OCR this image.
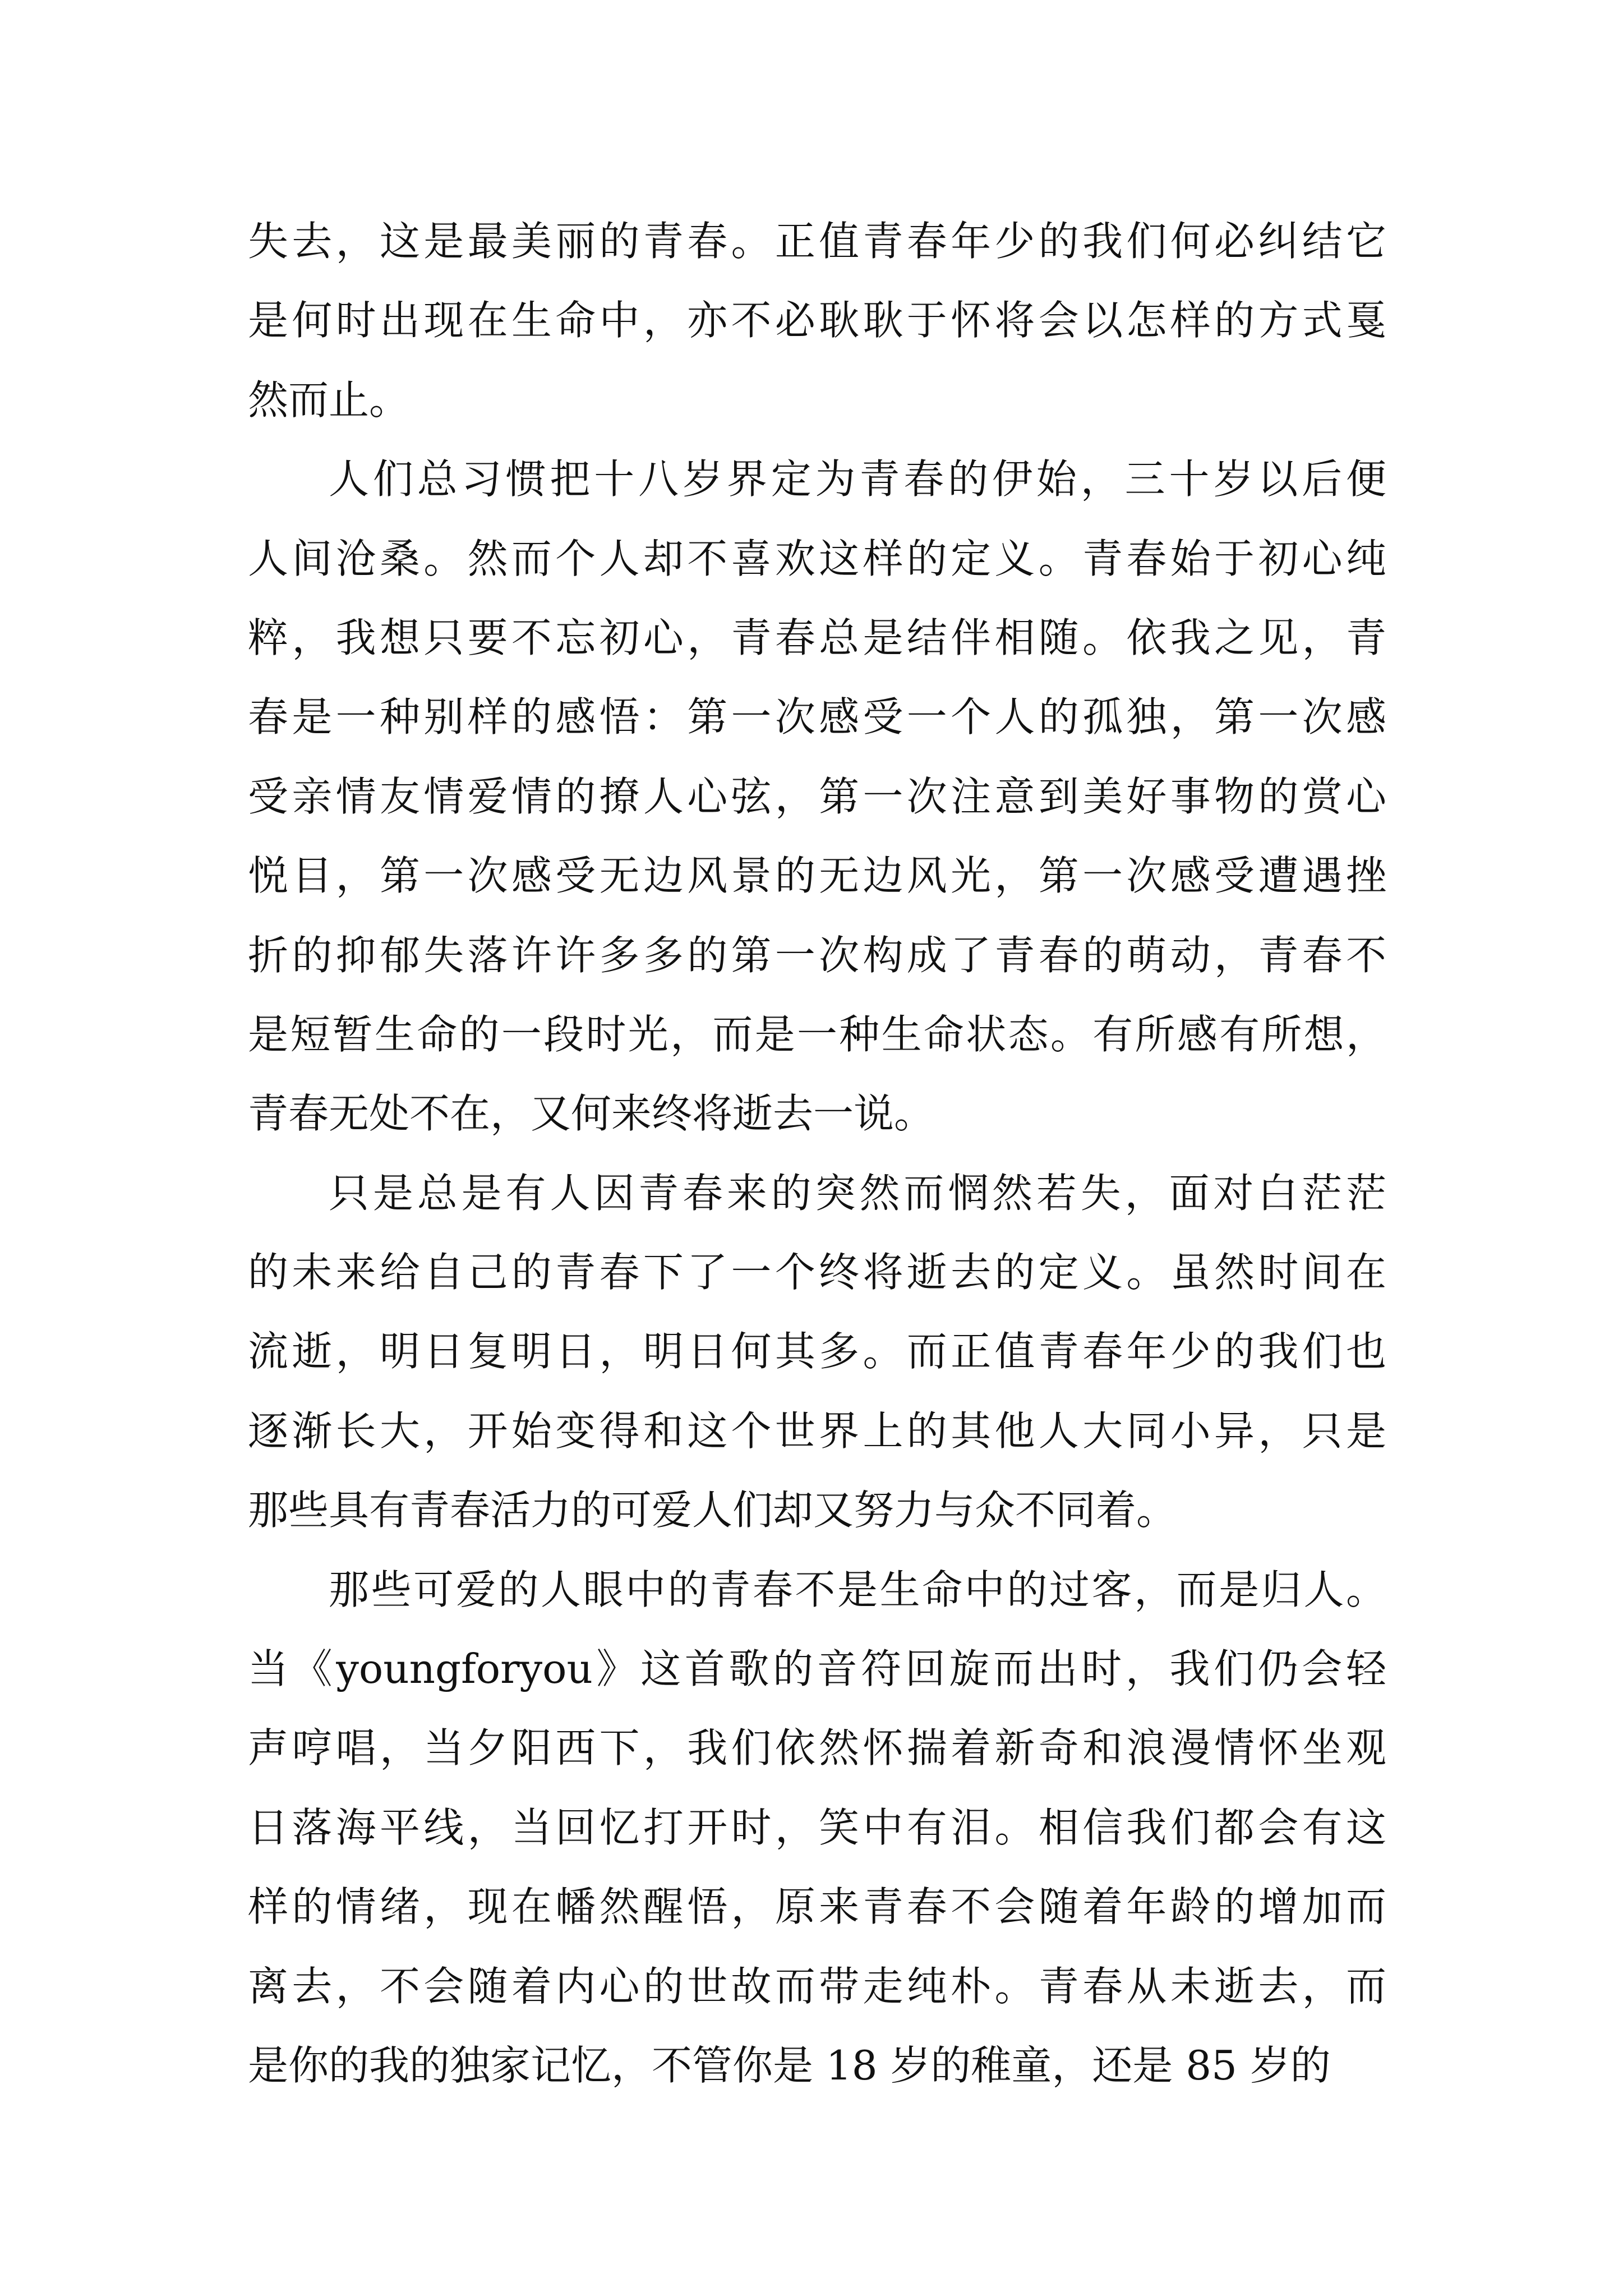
失去，这是最美丽的青春。正值青春年少的我们何必纠结它
是何时出现在生命中，亦不必耿耿于怀将会以怎样的方式戛
然而止。
人们总习惯把十八岁界定为青春的伊始，三十岁以后便
人间沧桑。然而个人却不喜欢这样的定义。青春始于初心纯
粹，我想只要不忘初心，青春总是结伴相随。依我之见，青
春是一种别样的感悟：第一次感受一个人的孤独，第一次感
受亲情友情爱情的撩人心弦，第一次注意到美好事物的赏心
悦目，第一次感受无边风景的无边风光，第一次感受遭遇挫
折的抑郁失落许许多多的第一次构成了青春的萌动，青春不
是短暂生命的一段时光，而是一种生命状态。有所感有所想，
青春无处不在，又何来终将逝去一说。
只是总是有人因青春来的突然而惘然若失，面对白茫茫
的未来给自己的青春下了一个终将逝去的定义。虽然时间在
流逝，明日复明日，明日何其多。而正值青春年少的我们也
逐渐长大，开始变得和这个世界上的其他人大同小异，只是
那些具有青春活力的可爱人们却又努力与众不同着。
那些可爱的人眼中的青春不是生命中的过客，而是归人。
当《youngforyou》这首歌的音符回旋而出时，我们仍会轻
声哼唱，当夕阳西下，我们依然怀揣着新奇和浪漫情怀坐观
日落海平线，当回忆打开时，笑中有泪。相信我们都会有这
样的情绪，现在幡然醒悟，原来青春不会随着年龄的增加而
离去，不会随着内心的世故而带走纯朴。青春从未逝去，而
是你的我的独家记忆，不管你是 18 岁的稚童，还是 85 岁的
